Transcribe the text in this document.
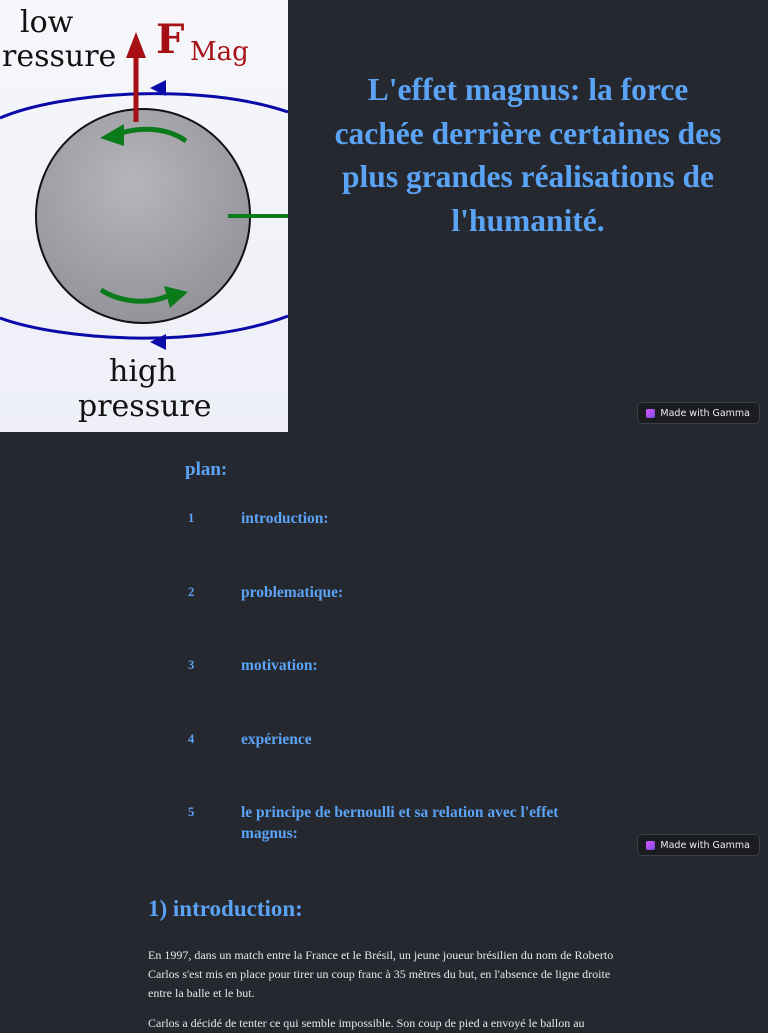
low
ressure F Mag
high
pressure
L'effet magnus: la force cachée derrière certaines des plus grandes réalisations de l'humanité.
Made with Gamma
plan:
1	introduction:
2	problematique:
3	motivation:
4	expérience
5	le principe de bernoulli et sa relation avec l'effet magnus:
Made with Gamma
1) introduction:

En 1997, dans un match entre la France et le Brésil, un jeune joueur brésilien du nom de Roberto Carlos s'est mis en place pour tirer un coup franc à 35 mètres du but, en l'absence de ligne droite entre la balle et le but.

Carlos a décidé de tenter ce qui semble impossible. Son coup de pied a envoyé le ballon au
